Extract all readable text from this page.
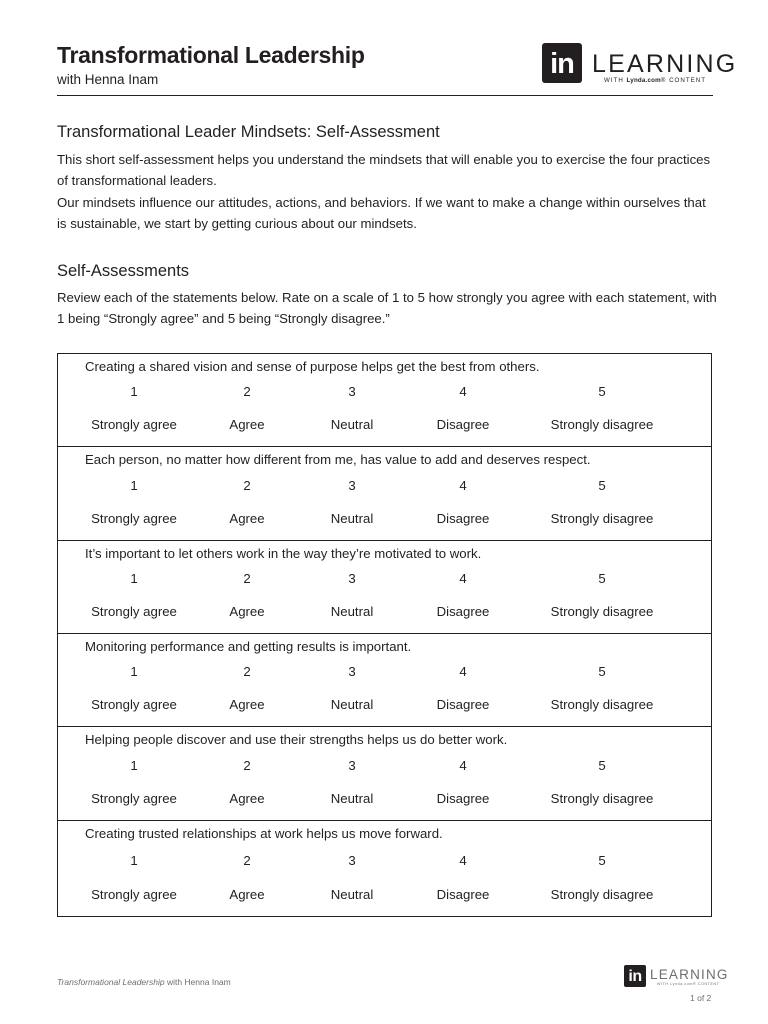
Transformational Leadership
with Henna Inam	in LEARNING
WITH Lynda.com® CONTENT
Transformational Leader Mindsets: Self-Assessment
This short self-assessment helps you understand the mindsets that will enable you to exercise the four practices of transformational leaders.
Our mindsets influence our attitudes, actions, and behaviors. If we want to make a change within ourselves that is sustainable, we start by getting curious about our mindsets.
Self-Assessments
Review each of the statements below. Rate on a scale of 1 to 5 how strongly you agree with each statement, with 1 being “Strongly agree” and 5 being “Strongly disagree.”
Creating a shared vision and sense of purpose helps get the best from others.
1
Strongly agree
2
Agree
3
Neutral
4
Disagree
5
Strongly disagree
Each person, no matter how different from me, has value to add and deserves respect.
1
Strongly agree
2
Agree
3
Neutral
4
Disagree
5
Strongly disagree
It’s important to let others work in the way they’re motivated to work.
1
Strongly agree
2
Agree
3
Neutral
4
Disagree
5
Strongly disagree
Monitoring performance and getting results is important.
1
Strongly agree
2
Agree
3
Neutral
4
Disagree
5
Strongly disagree
Helping people discover and use their strengths helps us do better work.
1
Strongly agree
2
Agree
3
Neutral
4
Disagree
5
Strongly disagree
Creating trusted relationships at work helps us move forward.
1
Strongly agree
2
Agree
3
Neutral
4
Disagree
5
Strongly disagree
Transformational Leadership with Henna Inam	in LEARNING
WITH Lynda.com® CONTENT
1 of 2
